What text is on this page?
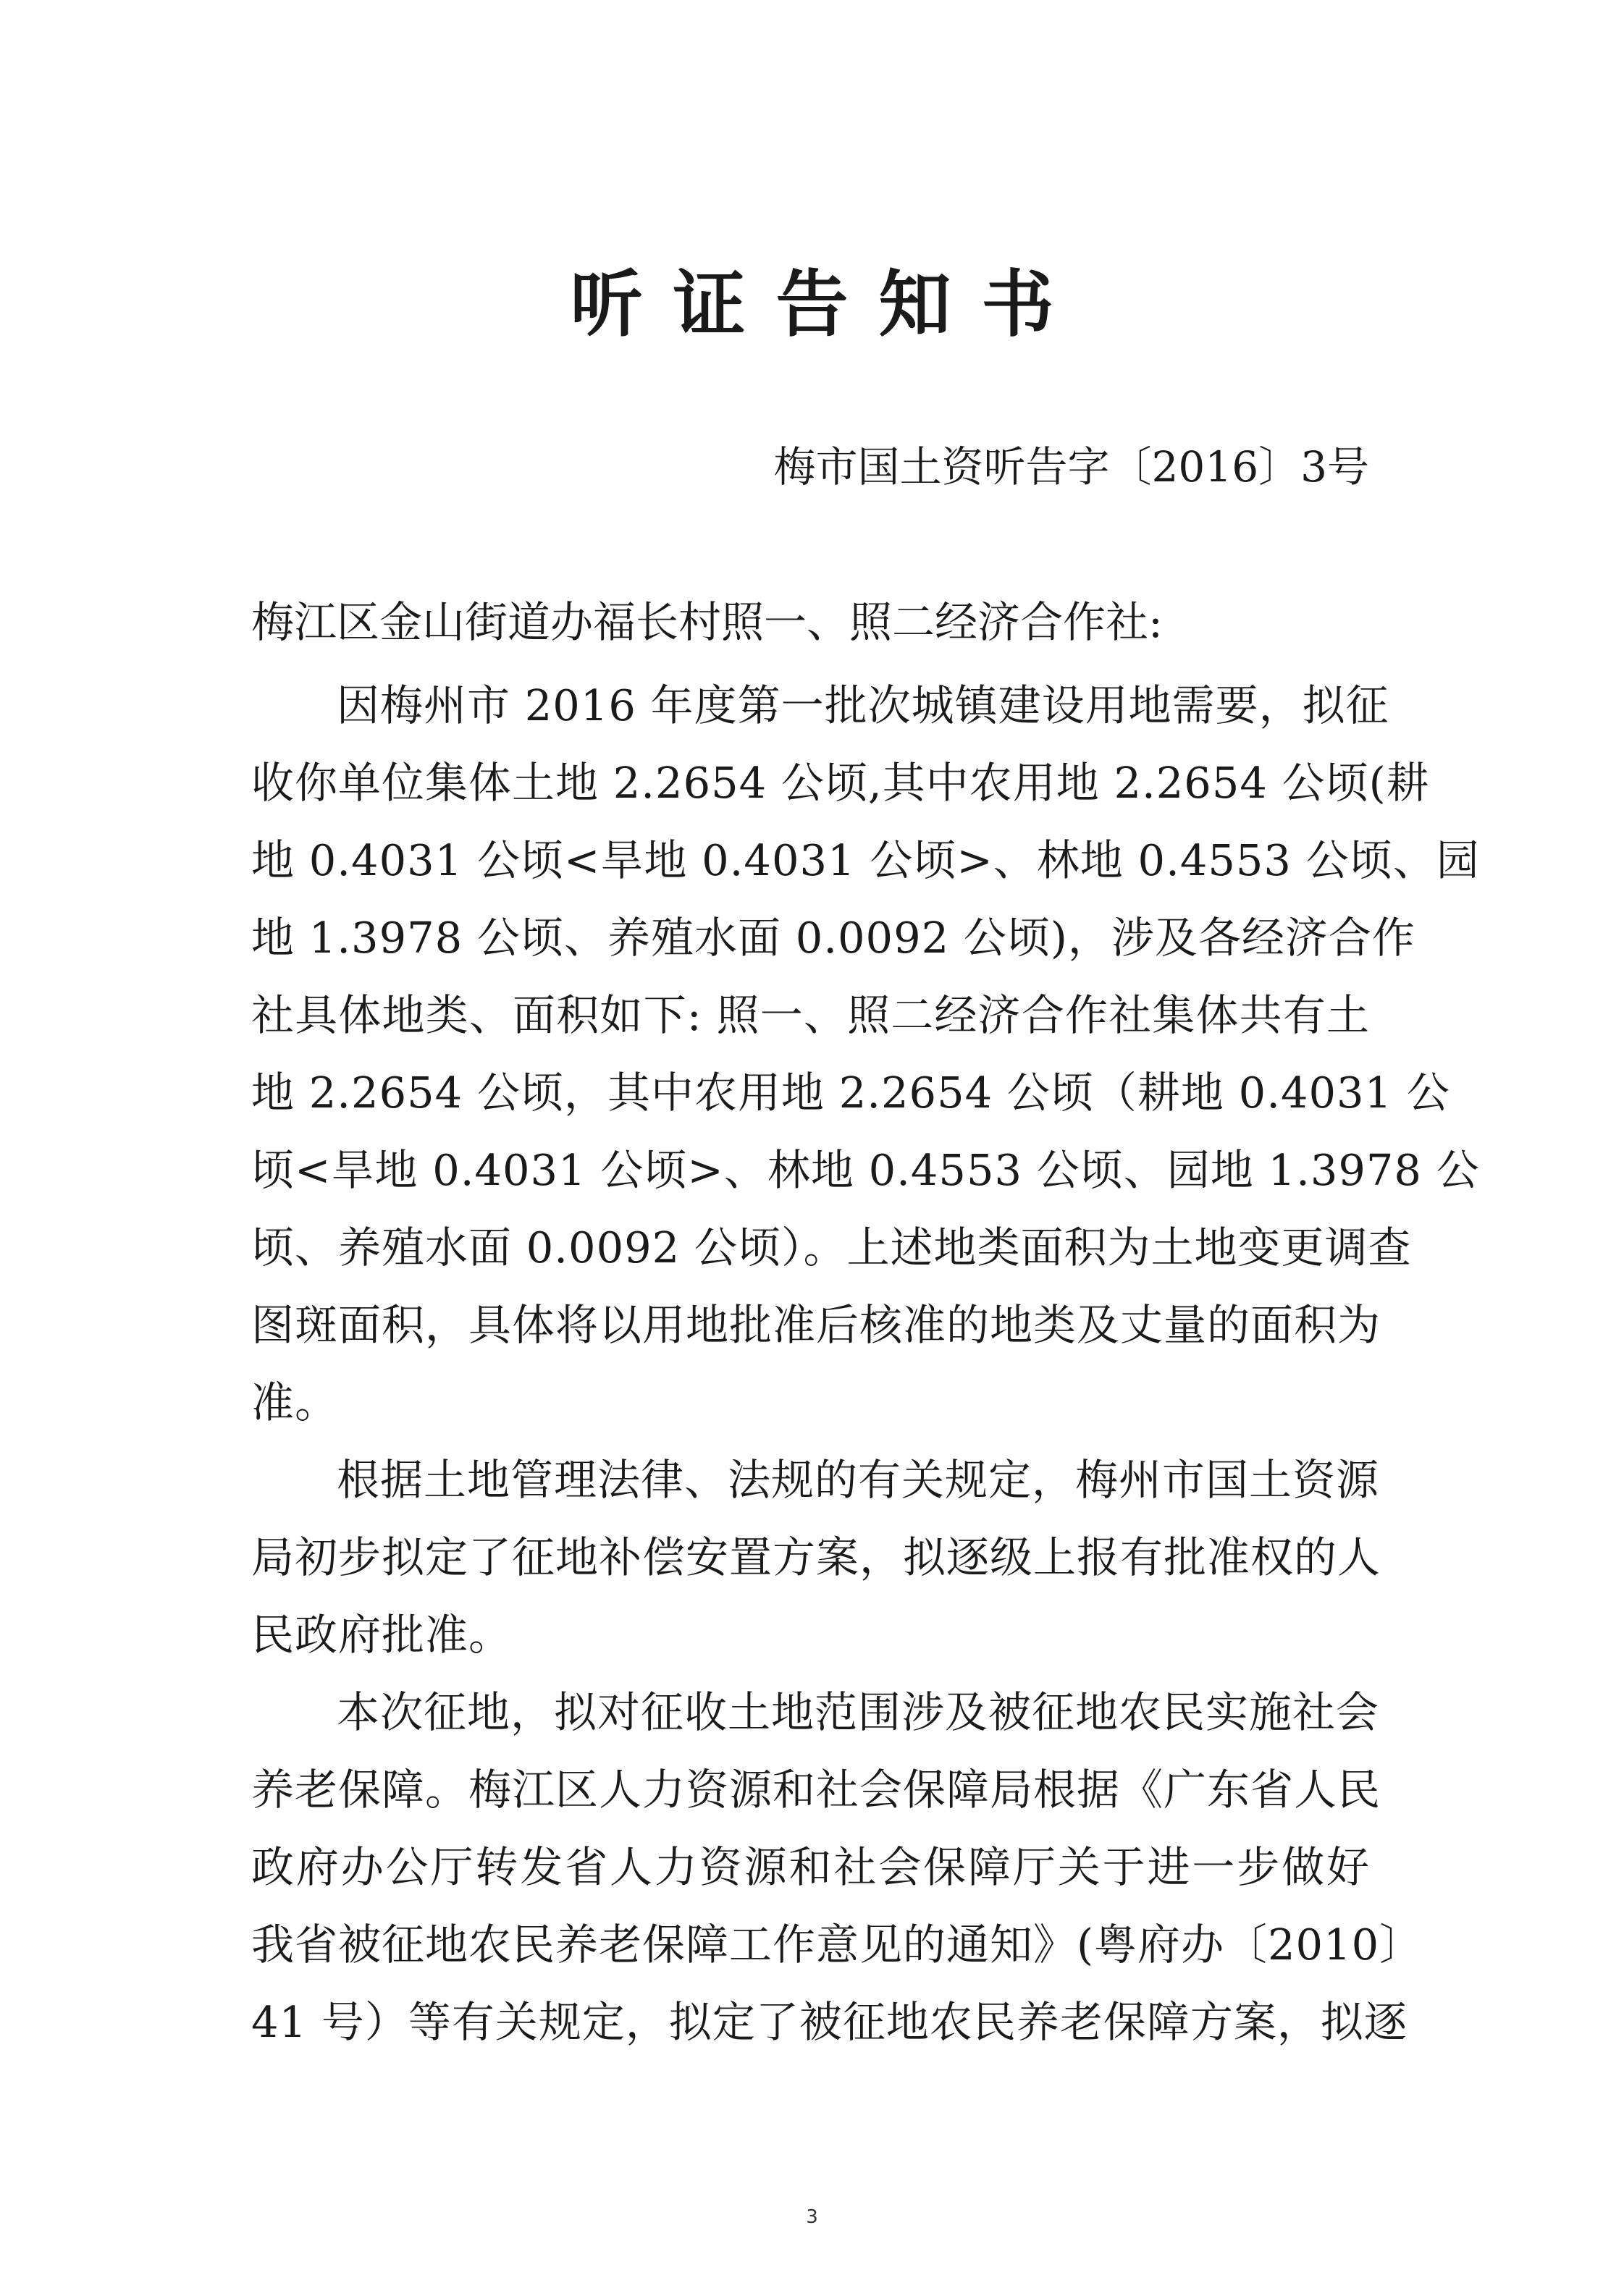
听证告知书
梅市国土资听告字〔2016〕3号
梅江区金山街道办福长村照一、照二经济合作社:
因梅州市 2016 年度第一批次城镇建设用地需要，拟征
收你单位集体土地 2.2654 公顷,其中农用地 2.2654 公顷(耕
地 0.4031 公顷<旱地 0.4031 公顷>、林地 0.4553 公顷、园
地 1.3978 公顷、养殖水面 0.0092 公顷)，涉及各经济合作
社具体地类、面积如下: 照一、照二经济合作社集体共有土
地 2.2654 公顷，其中农用地 2.2654 公顷（耕地 0.4031 公
顷<旱地 0.4031 公顷>、林地 0.4553 公顷、园地 1.3978 公
顷、养殖水面 0.0092 公顷）。上述地类面积为土地变更调查
图斑面积，具体将以用地批准后核准的地类及丈量的面积为
准。
根据土地管理法律、法规的有关规定，梅州市国土资源
局初步拟定了征地补偿安置方案，拟逐级上报有批准权的人
民政府批准。
本次征地，拟对征收土地范围涉及被征地农民实施社会
养老保障。梅江区人力资源和社会保障局根据《广东省人民
政府办公厅转发省人力资源和社会保障厅关于进一步做好
我省被征地农民养老保障工作意见的通知》(粤府办〔2010〕
41 号）等有关规定，拟定了被征地农民养老保障方案，拟逐
3
